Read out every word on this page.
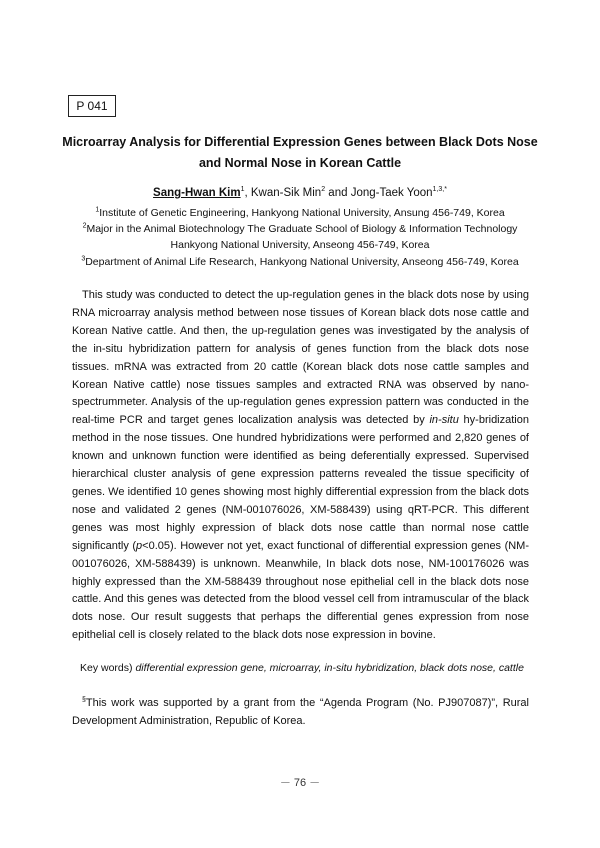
P 041
Microarray Analysis for Differential Expression Genes between Black Dots Nose
and Normal Nose in Korean Cattle
Sang-Hwan Kim$^1$, Kwan-Sik Min$^2$ and Jong-Taek Yoon$^{1,3,*}$
$^1$Institute of Genetic Engineering, Hankyong National University, Ansung 456-749, Korea
$^2$Major in the Animal Biotechnology The Graduate School of Biology & Information Technology
Hankyong National University, Anseong 456-749, Korea
$^3$Department of Animal Life Research, Hankyong National University, Anseong 456-749, Korea

This study was conducted to detect the up-regulation genes in the black dots nose by using RNA microarray analysis method between nose tissues of Korean black dots nose cattle and Korean Native cattle. And then, the up-regulation genes was investigated by the analysis of the in-situ hybridization pattern for analysis of genes function from the black dots nose tissues. mRNA was extracted from 20 cattle (Korean black dots nose cattle samples and Korean Native cattle) nose tissues samples and extracted RNA was observed by nano-spectrummeter. Analysis of the up-regulation genes expression pattern was conducted in the real-time PCR and target genes localization analysis was detected by in-situ hy-bridization method in the nose tissues. One hundred hybridizations were performed and 2,820 genes of known and unknown function were identified as being deferentially expressed. Supervised hierarchical cluster analysis of gene expression patterns revealed the tissue specificity of genes. We identified 10 genes showing most highly differential expression from the black dots nose and validated 2 genes (NM-001076026, XM-588439) using qRT-PCR. This different genes was most highly expression of black dots nose cattle than normal nose cattle significantly (p<0.05). However not yet, exact functional of differential expression genes (NM-001076026, XM-588439) is unknown. Meanwhile, In black dots nose, NM-100176026 was highly expressed than the XM-588439 throughout nose epithelial cell in the black dots nose cattle. And this genes was detected from the blood vessel cell from intramuscular of the black dots nose. Our result suggests that perhaps the differential genes expression from nose epithelial cell is closely related to the black dots nose expression in bovine.

Key words) differential expression gene, microarray, in-situ hybridization, black dots nose, cattle
§This work was supported by a grant from the “Agenda Program (No. PJ907087)”, Rural Development Administration, Republic of Korea.
－ 76 －
